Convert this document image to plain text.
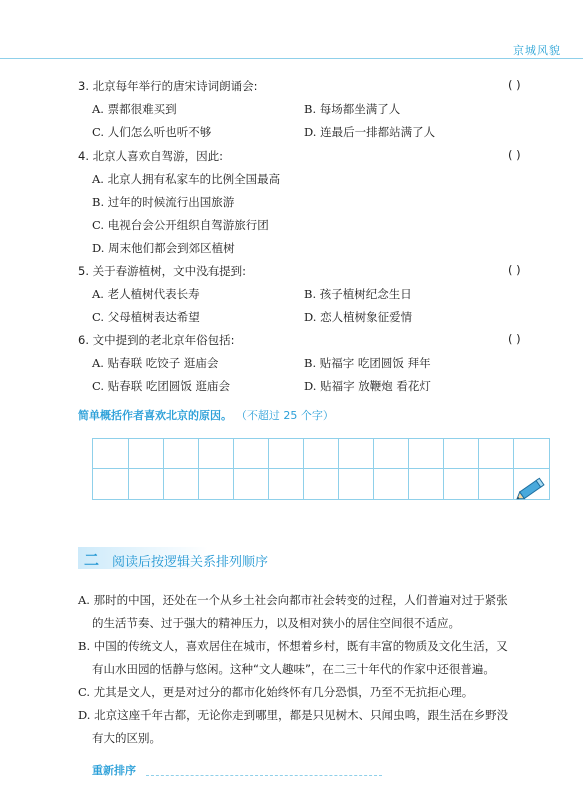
京城风貌
3. 北京每年举行的唐宋诗词朗诵会:	( )
A. 票都很难买到	B. 每场都坐满了人
C. 人们怎么听也听不够	D. 连最后一排都站满了人
4. 北京人喜欢自驾游，因此:	( )
A. 北京人拥有私家车的比例全国最高
B. 过年的时候流行出国旅游
C. 电视台会公开组织自驾游旅行团
D. 周末他们都会到郊区植树
5. 关于春游植树，文中没有 • •提到:	( )
A. 老人植树代表长寿	B. 孩子植树纪念生日
C. 父母植树表达希望	D. 恋人植树象征爱情
6. 文中提到的老北京年俗包括:	( )
A. 贴春联 吃饺子 逛庙会	B. 贴福字 吃团圆饭 拜年
C. 贴春联 吃团圆饭 逛庙会	D. 贴福字 放鞭炮 看花灯
简单概括作者喜欢北京的原因。 （不超过 25 个字）
二 阅读后按逻辑关系排列顺序
A. 那时的中国，还处在一个从乡土社会向都市社会转变的过程，人们普遍对过于紧张
的生活节奏、过于强大的精神压力，以及相对狭小的居住空间很不适应。
B. 中国的传统文人，喜欢居住在城市，怀想着乡村，既有丰富的物质及文化生活，又
有山水田园的恬静与悠闲。这种“文人趣味”，在二三十年代的作家中还很普遍。
C. 尤其是文人，更是对过分的都市化始终怀有几分恐惧，乃至不无抗拒心理。
D. 北京这座千年古都，无论你走到哪里，都是只见树木、只闻虫鸣，跟生活在乡野没
有大的区别。
重新排序
